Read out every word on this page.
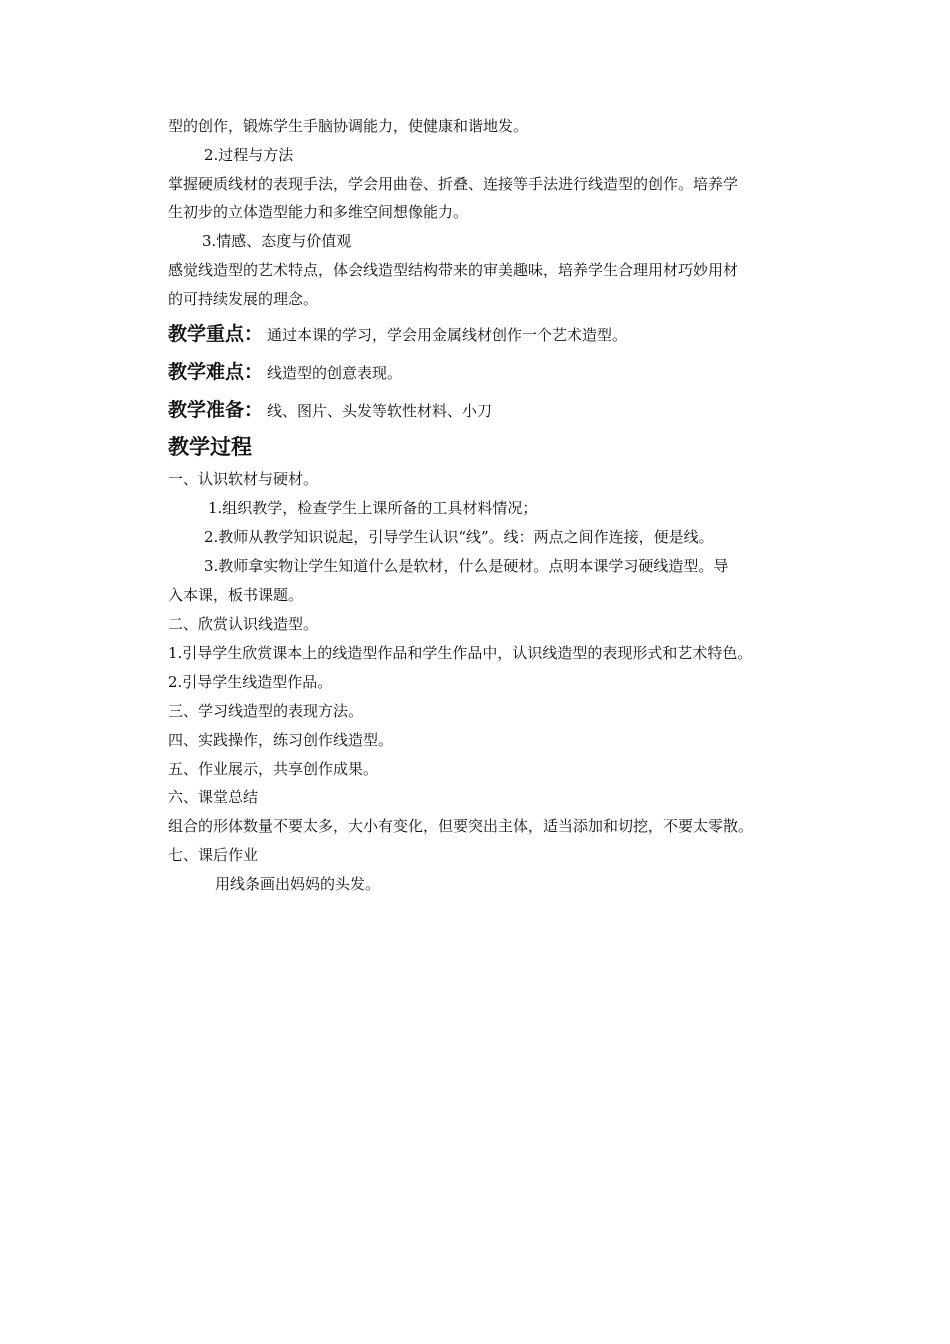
型的创作，锻炼学生手脑协调能力，使健康和谐地发。
2.过程与方法
掌握硬质线材的表现手法，学会用曲卷、折叠、连接等手法进行线造型的创作。培养学
生初步的立体造型能力和多维空间想像能力。
3.情感、态度与价值观
感觉线造型的艺术特点，体会线造型结构带来的审美趣味，培养学生合理用材巧妙用材
的可持续发展的理念。
教学重点： 通过本课的学习，学会用金属线材创作一个艺术造型。
教学难点： 线造型的创意表现。
教学准备： 线、图片、头发等软性材料、小刀
教学过程
一、认识软材与硬材。
1.组织教学，检查学生上课所备的工具材料情况；
2.教师从教学知识说起，引导学生认识“线”。线：两点之间作连接，便是线。
3.教师拿实物让学生知道什么是软材，什么是硬材。点明本课学习硬线造型。导
入本课，板书课题。
二、欣赏认识线造型。
1.引导学生欣赏课本上的线造型作品和学生作品中，认识线造型的表现形式和艺术特色。
2.引导学生线造型作品。
三、学习线造型的表现方法。
四、实践操作，练习创作线造型。
五、作业展示，共享创作成果。
六、课堂总结
组合的形体数量不要太多，大小有变化，但要突出主体，适当添加和切挖，不要太零散。
七、课后作业
用线条画出妈妈的头发。
